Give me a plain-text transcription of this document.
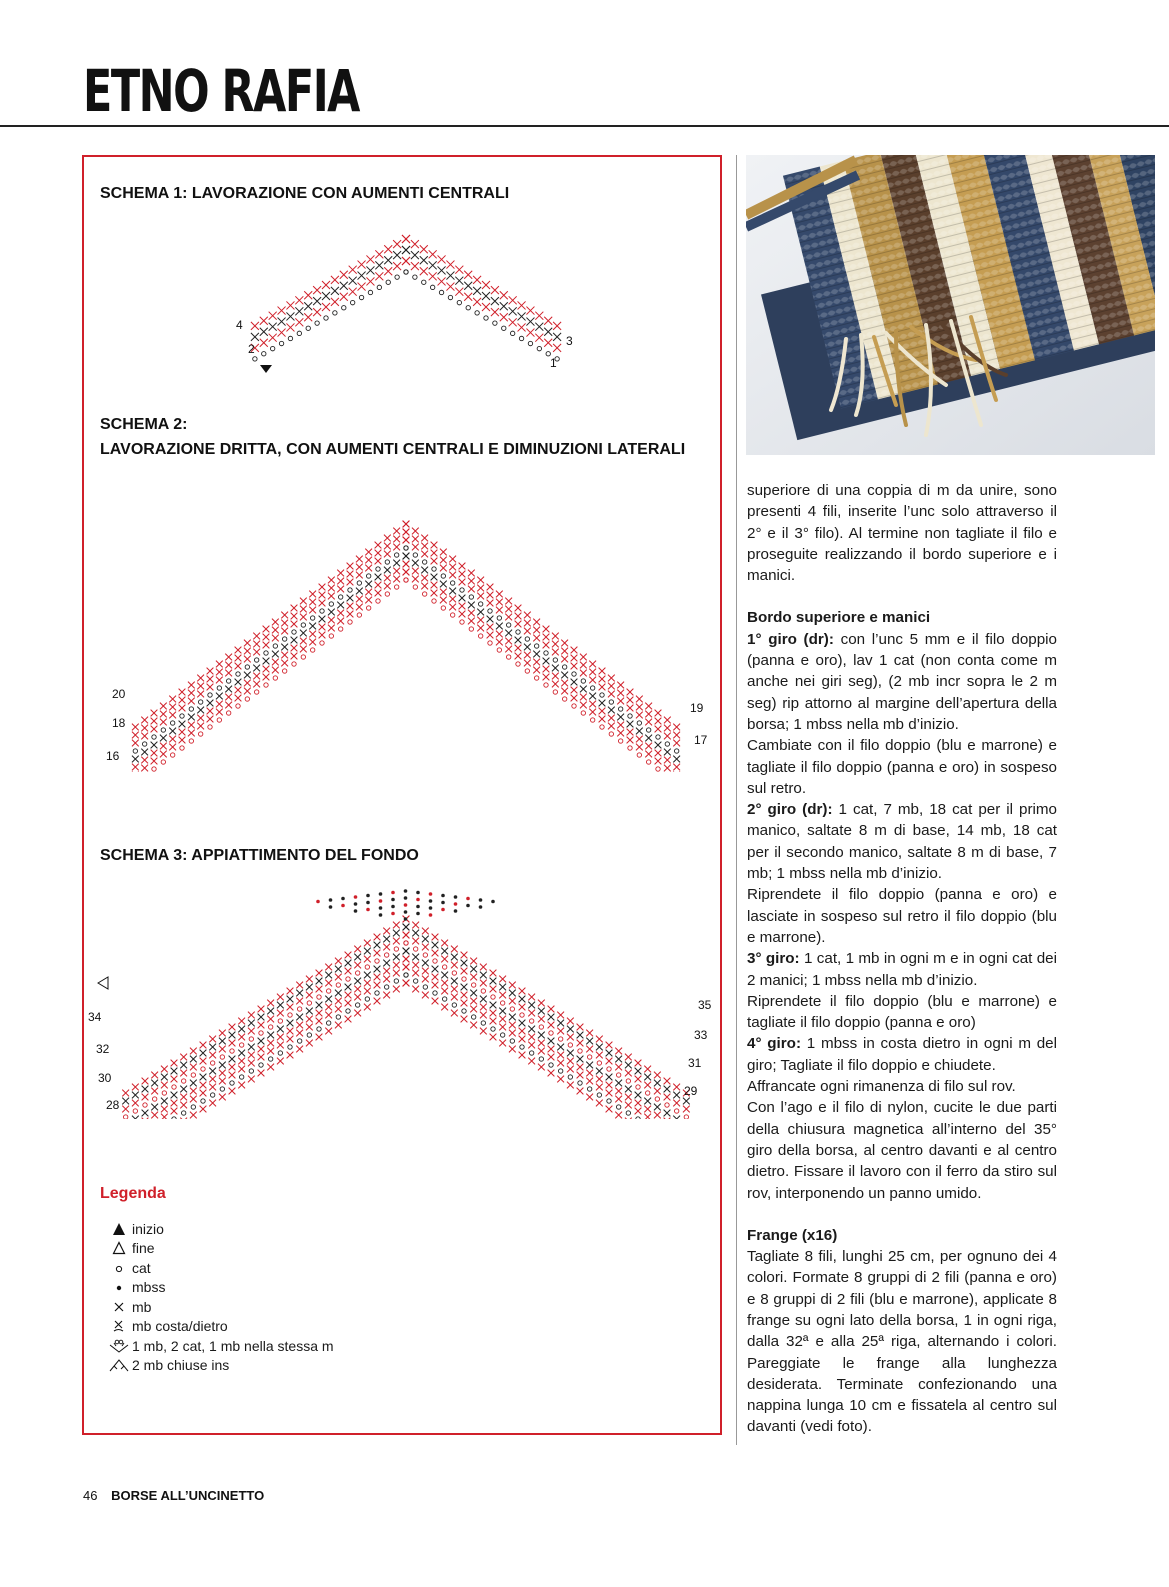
ETNO RAFIA
SCHEMA 1: LAVORAZIONE CON AUMENTI CENTRALI
4
2
3
1
SCHEMA 2:
LAVORAZIONE DRITTA, CON AUMENTI CENTRALI E DIMINUZIONI LATERALI
20
18
16
19
17
SCHEMA 3: APPIATTIMENTO DEL FONDO
34
32
30
28
35
33
31
29
Legenda
inizio
fine
cat
mbss
mb
mb costa/dietro
1 mb, 2 cat, 1 mb nella stessa m
2 mb chiuse ins

superiore di una coppia di m da unire, sono presenti 4 fili, inserite l’unc solo attraverso il 2° e il 3° filo). Al termine non tagliate il filo e proseguite realizzando il bordo superiore e i manici.

Bordo superiore e manici

1° giro (dr): con l’unc 5 mm e il filo doppio (panna e oro), lav 1 cat (non conta come m anche nei giri seg), (2 mb incr sopra le 2 m seg) rip attorno al margine dell’apertura della borsa; 1 mbss nella mb d’inizio.

Cambiate con il filo doppio (blu e marrone) e tagliate il filo doppio (panna e oro) in sospeso sul retro.

2° giro (dr): 1 cat, 7 mb, 18 cat per il primo manico, saltate 8 m di base, 14 mb, 18 cat per il secondo manico, saltate 8 m di base, 7 mb; 1 mbss nella mb d’inizio.

Riprendete il filo doppio (panna e oro) e lasciate in sospeso sul retro il filo doppio (blu e marrone).

3° giro: 1 cat, 1 mb in ogni m e in ogni cat dei 2 manici; 1 mbss nella mb d’inizio.

Riprendete il filo doppio (blu e marrone) e tagliate il filo doppio (panna e oro)

4° giro: 1 mbss in costa dietro in ogni m del giro; Tagliate il filo doppio e chiudete.

Affrancate ogni rimanenza di filo sul rov.

Con l’ago e il filo di nylon, cucite le due parti della chiusura magnetica all’interno del 35° giro della borsa, al centro davanti e al centro dietro. Fissare il lavoro con il ferro da stiro sul rov, interponendo un panno umido.

Frange (x16)

Tagliate 8 fili, lunghi 25 cm, per ognuno dei 4 colori. Formate 8 gruppi di 2 fili (panna e oro) e 8 gruppi di 2 fili (blu e marrone), applicate 8 frange su ogni lato della borsa, 1 in ogni riga, dalla 32ª e alla 25ª riga, alternando i colori. Pareggiate le frange alla lunghezza desiderata. Terminate confezionando una nappina lunga 10 cm e fissatela al centro sul davanti (vedi foto).

46 BORSE ALL’UNCINETTO
